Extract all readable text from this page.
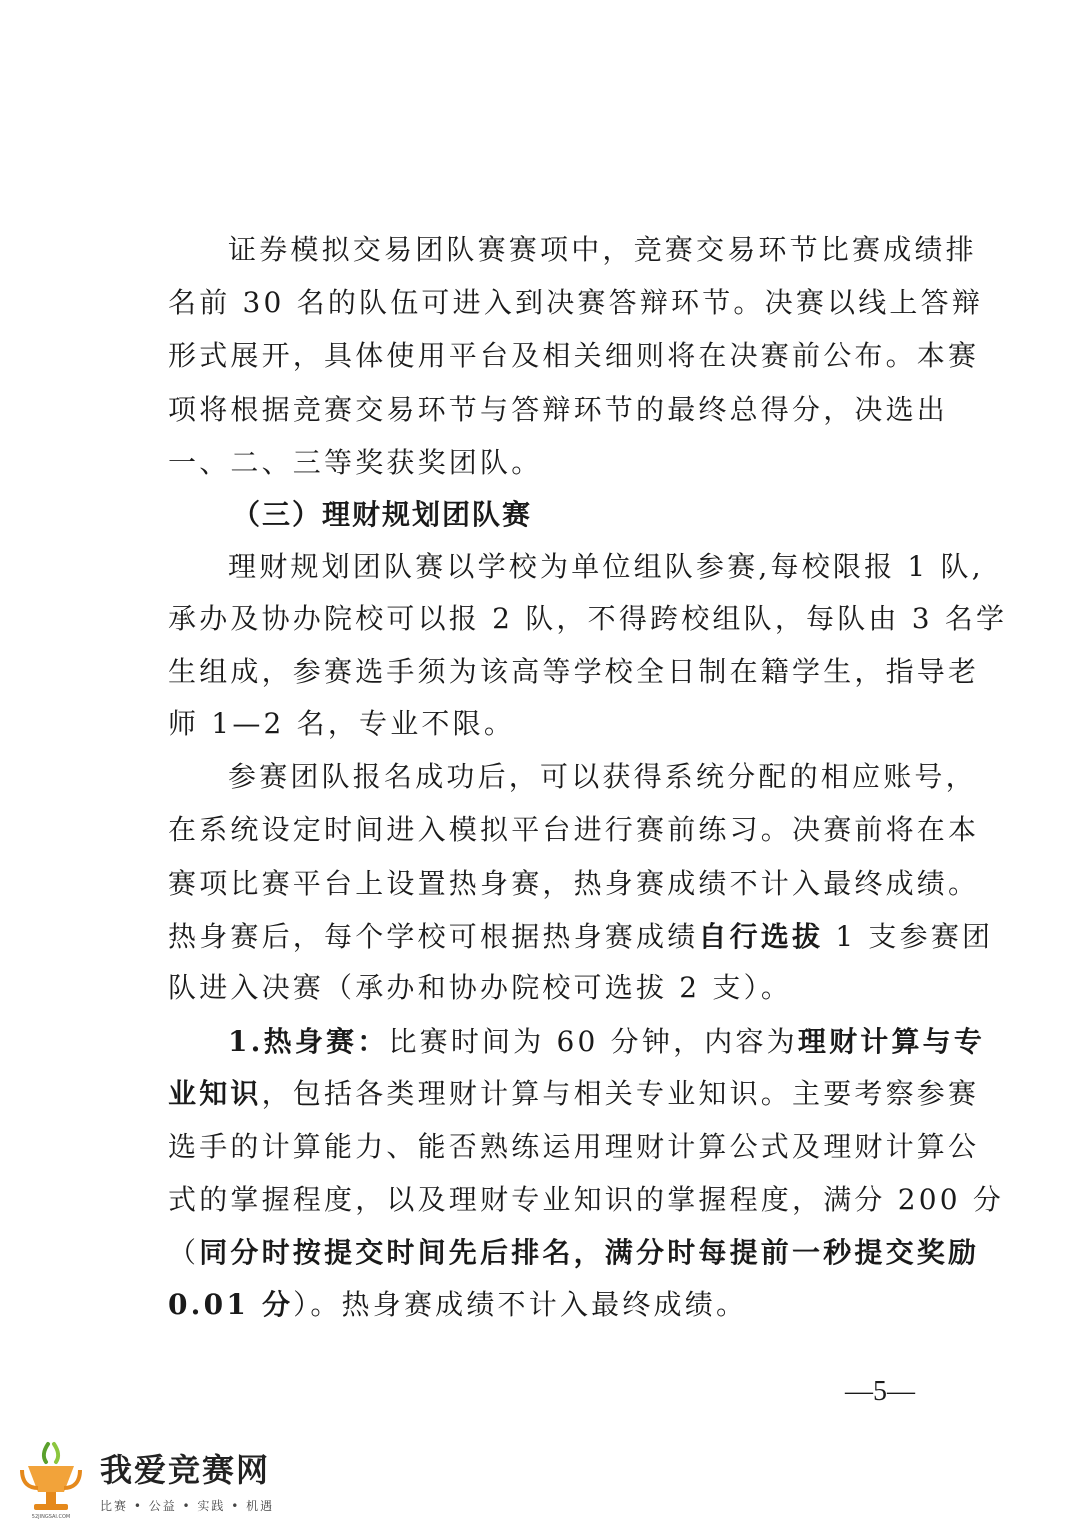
证券模拟交易团队赛赛项中，竞赛交易环节比赛成绩排
名前 30 名的队伍可进入到决赛答辩环节。决赛以线上答辩
形式展开，具体使用平台及相关细则将在决赛前公布。本赛
项将根据竞赛交易环节与答辩环节的最终总得分，决选出
一、二、三等奖获奖团队。
（三）理财规划团队赛
理财规划团队赛以学校为单位组队参赛,每校限报 1 队,
承办及协办院校可以报 2 队，不得跨校组队，每队由 3 名学
生组成，参赛选手须为该高等学校全日制在籍学生，指导老
师 1—2 名，专业不限。
参赛团队报名成功后，可以获得系统分配的相应账号，
在系统设定时间进入模拟平台进行赛前练习。决赛前将在本
赛项比赛平台上设置热身赛，热身赛成绩不计入最终成绩。
热身赛后，每个学校可根据热身赛成绩自行选拔 1 支参赛团
队进入决赛（承办和协办院校可选拔 2 支）。
1.热身赛：比赛时间为 60 分钟，内容为理财计算与专
业知识，包括各类理财计算与相关专业知识。主要考察参赛
选手的计算能力、能否熟练运用理财计算公式及理财计算公
式的掌握程度，以及理财专业知识的掌握程度，满分 200 分
（同分时按提交时间先后排名，满分时每提前一秒提交奖励
0.01 分）。热身赛成绩不计入最终成绩。
—5—
52JINGSAI.COM
我爱竞赛网
比赛 • 公益 • 实践 • 机遇
